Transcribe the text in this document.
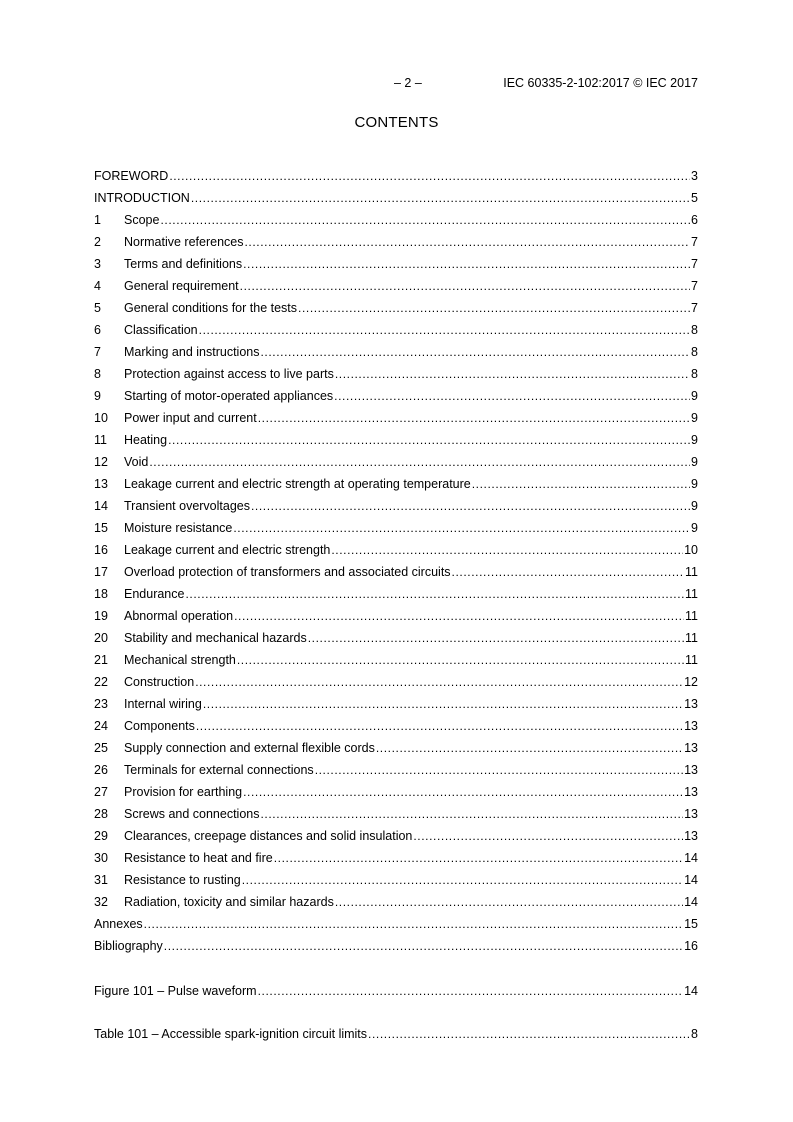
– 2 –	IEC 60335-2-102:2017 © IEC 2017
CONTENTS
FOREWORD .....	3
INTRODUCTION .....	5
1	Scope .....	6
2	Normative references .....	7
3	Terms and definitions .....	7
4	General requirement .....	7
5	General conditions for the tests .....	7
6	Classification .....	8
7	Marking and instructions .....	8
8	Protection against access to live parts .....	8
9	Starting of motor-operated appliances .....	9
10	Power input and current .....	9
11	Heating .....	9
12	Void .....	9
13	Leakage current and electric strength at operating temperature .....	9
14	Transient overvoltages .....	9
15	Moisture resistance .....	9
16	Leakage current and electric strength .....	10
17	Overload protection of transformers and associated circuits .....	11
18	Endurance .....	11
19	Abnormal operation .....	11
20	Stability and mechanical hazards .....	11
21	Mechanical strength .....	11
22	Construction .....	12
23	Internal wiring .....	13
24	Components .....	13
25	Supply connection and external flexible cords .....	13
26	Terminals for external connections .....	13
27	Provision for earthing .....	13
28	Screws and connections .....	13
29	Clearances, creepage distances and solid insulation .....	13
30	Resistance to heat and fire .....	14
31	Resistance to rusting .....	14
32	Radiation, toxicity and similar hazards .....	14
Annexes .....	15
Bibliography .....	16
Figure 101 – Pulse waveform .....	14
Table 101 – Accessible spark-ignition circuit limits .....	8
